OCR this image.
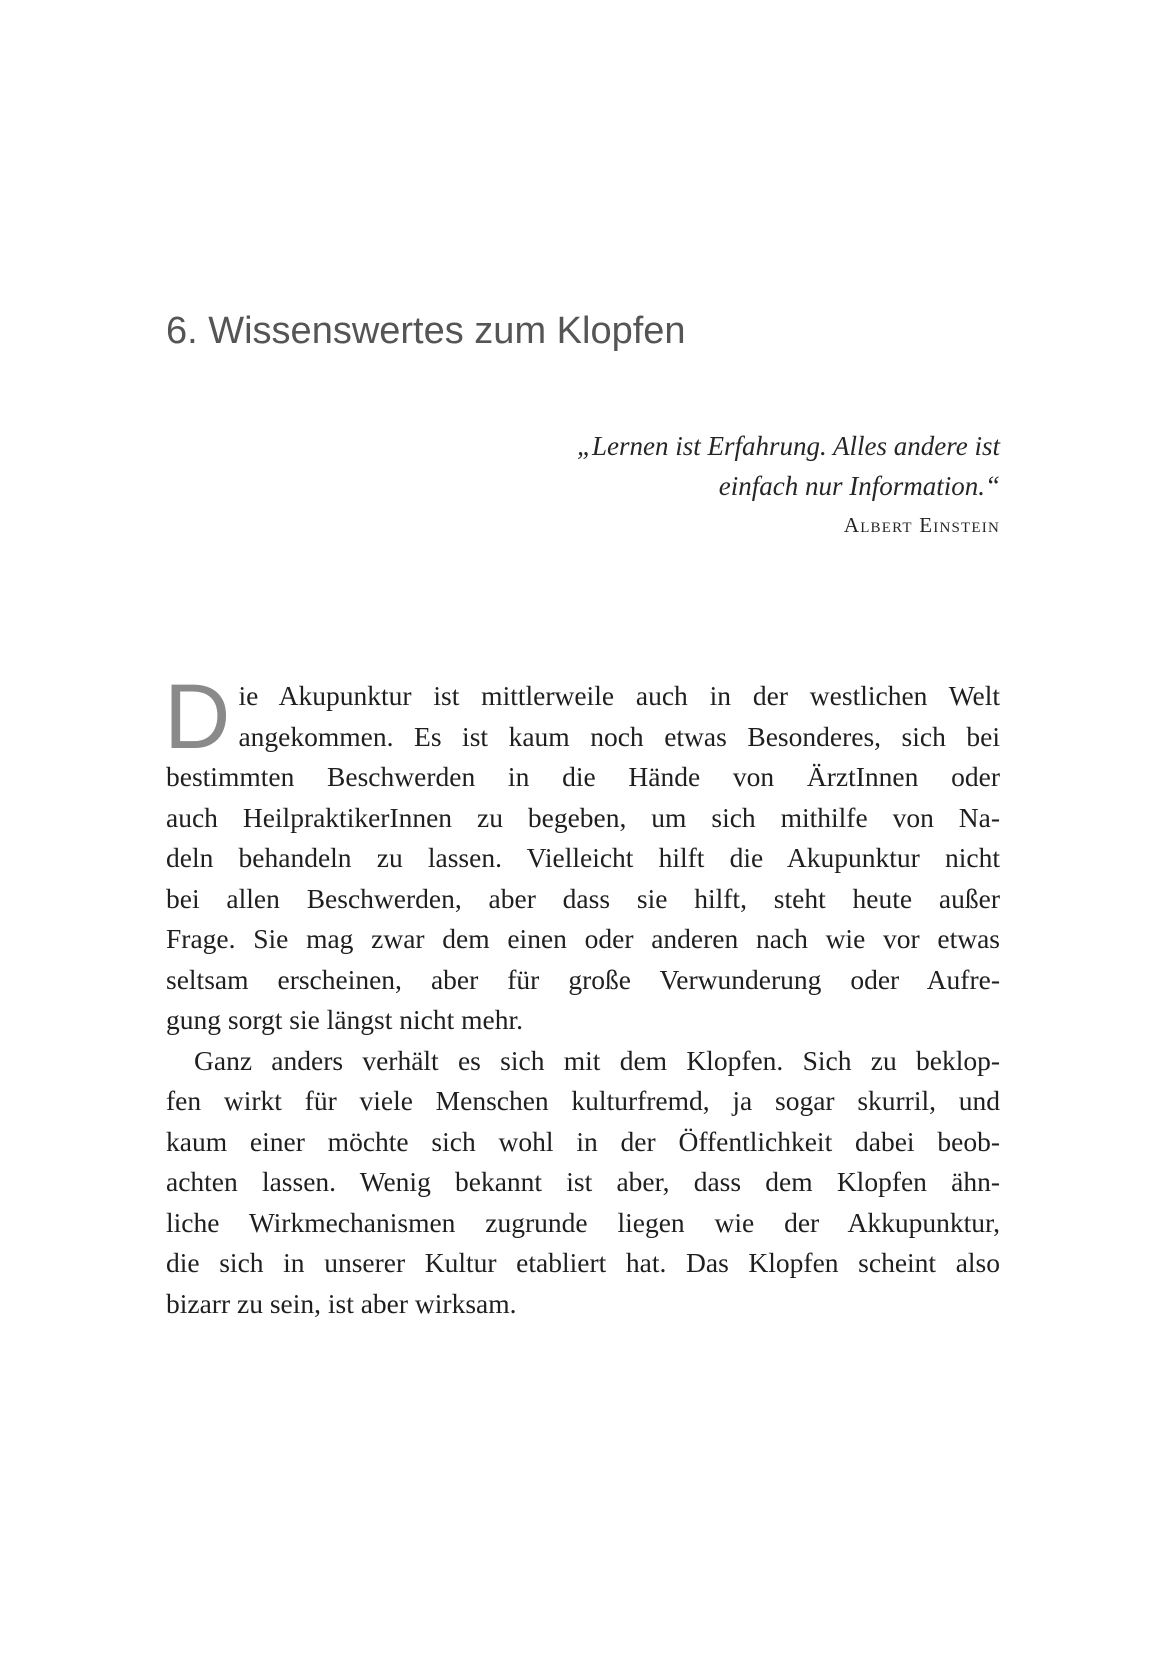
6. Wissenswertes zum Klopfen

„Lernen ist Erfahrung. Alles andere ist
einfach nur Information.“

Albert Einstein

D ie Akupunktur ist mittlerweile auch in der westlichen Welt
angekommen. Es ist kaum noch etwas Besonderes, sich bei
bestimmten Beschwerden in die Hände von ÄrztInnen oder
auch HeilpraktikerInnen zu begeben, um sich mithilfe von Na-
deln behandeln zu lassen. Vielleicht hilft die Akupunktur nicht
bei allen Beschwerden, aber dass sie hilft, steht heute außer
Frage. Sie mag zwar dem einen oder anderen nach wie vor etwas
seltsam erscheinen, aber für große Verwunderung oder Aufre-
gung sorgt sie längst nicht mehr.

Ganz anders verhält es sich mit dem Klopfen. Sich zu beklop-
fen wirkt für viele Menschen kulturfremd, ja sogar skurril, und
kaum einer möchte sich wohl in der Öffentlichkeit dabei beob-
achten lassen. Wenig bekannt ist aber, dass dem Klopfen ähn-
liche Wirkmechanismen zugrunde liegen wie der Akkupunktur,
die sich in unserer Kultur etabliert hat. Das Klopfen scheint also
bizarr zu sein, ist aber wirksam.
